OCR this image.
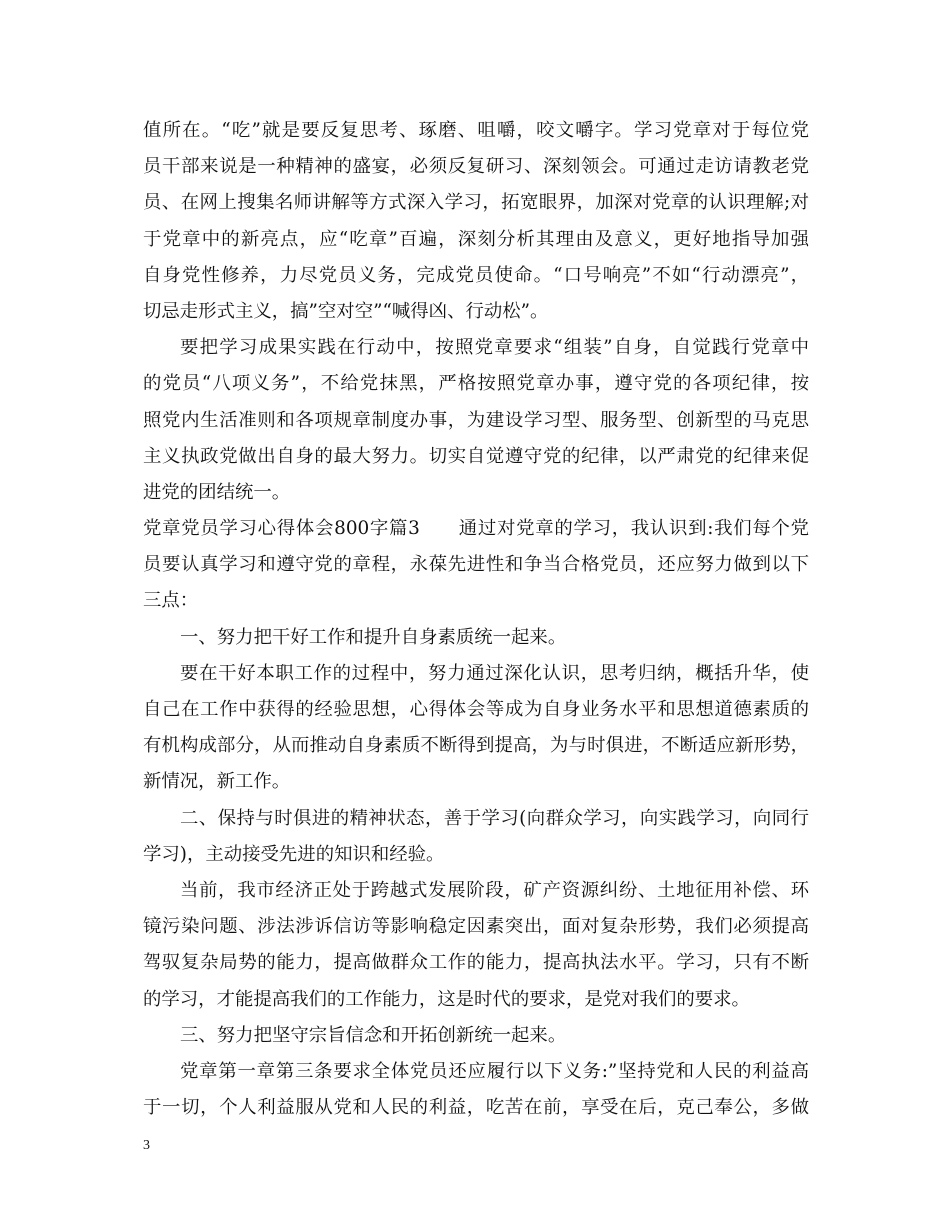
值所在。“吃”就是要反复思考、琢磨、咀嚼，咬文嚼字。学习党章对于每位党
员干部来说是一种精神的盛宴，必须反复研习、深刻领会。可通过走访请教老党
员、在网上搜集名师讲解等方式深入学习，拓宽眼界，加深对党章的认识理解;对
于党章中的新亮点，应“吃章”百遍，深刻分析其理由及意义，更好地指导加强
自身党性修养，力尽党员义务，完成党员使命。“口号响亮”不如“行动漂亮”，
切忌走形式主义，搞”空对空”“喊得凶、行动松”。
要把学习成果实践在行动中，按照党章要求“组装”自身，自觉践行党章中
的党员“八项义务”，不给党抹黑，严格按照党章办事，遵守党的各项纪律，按
照党内生活准则和各项规章制度办事，为建设学习型、服务型、创新型的马克思
主义执政党做出自身的最大努力。切实自觉遵守党的纪律，以严肃党的纪律来促
进党的团结统一。
党章党员学习心得体会800字篇3　　通过对党章的学习，我认识到:我们每个党
员要认真学习和遵守党的章程，永葆先进性和争当合格党员，还应努力做到以下
三点：
一、努力把干好工作和提升自身素质统一起来。
要在干好本职工作的过程中，努力通过深化认识，思考归纳，概括升华，使
自己在工作中获得的经验思想，心得体会等成为自身业务水平和思想道德素质的
有机构成部分，从而推动自身素质不断得到提高，为与时俱进，不断适应新形势，
新情况，新工作。
二、保持与时俱进的精神状态，善于学习(向群众学习，向实践学习，向同行
学习)，主动接受先进的知识和经验。
当前，我市经济正处于跨越式发展阶段，矿产资源纠纷、土地征用补偿、环
镜污染问题、涉法涉诉信访等影响稳定因素突出，面对复杂形势，我们必须提高
驾驭复杂局势的能力，提高做群众工作的能力，提高执法水平。学习，只有不断
的学习，才能提高我们的工作能力，这是时代的要求，是党对我们的要求。
三、努力把坚守宗旨信念和开拓创新统一起来。
党章第一章第三条要求全体党员还应履行以下义务:”坚持党和人民的利益高
于一切，个人利益服从党和人民的利益，吃苦在前，享受在后，克己奉公，多做
3
